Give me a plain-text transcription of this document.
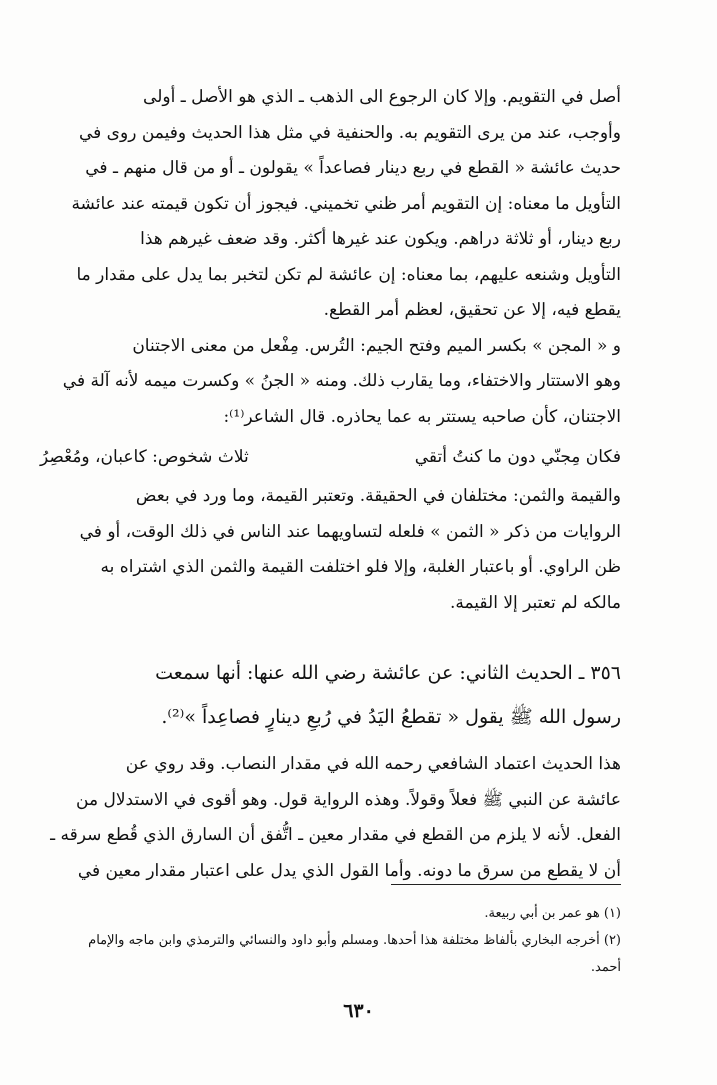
أصل في التقويم. وإلا كان الرجوع الى الذهب ـ الذي هو الأصل ـ أولى
وأوجب، عند من يرى التقويم به. والحنفية في مثل هذا الحديث وفيمن روى في
حديث عائشة « القطع في ربع دينار فصاعداً » يقولون ـ أو من قال منهم ـ في
التأويل ما معناه: إن التقويم أمر ظني تخميني. فيجوز أن تكون قيمته عند عائشة
ربع دينار، أو ثلاثة دراهم. ويكون عند غيرها أكثر. وقد ضعف غيرهم هذا
التأويل وشنعه عليهم، بما معناه: إن عائشة لم تكن لتخبر بما يدل على مقدار ما
يقطع فيه، إلا عن تحقيق، لعظم أمر القطع.
و « المجن » بكسر الميم وفتح الجيم: التُرس. مِفْعل من معنى الاجتنان
وهو الاستتار والاختفاء، وما يقارب ذلك. ومنه « الجنُ » وكسرت ميمه لأنه آلة في
الاجتنان، كأن صاحبه يستتر به عما يحاذره. قال الشاعر⁽¹⁾:
فكان مِجنّي دون ما كنتُ أتقي
ثلاث شخوص: كاعبان، ومُعْصِرُ
والقيمة والثمن: مختلفان في الحقيقة. وتعتبر القيمة، وما ورد في بعض
الروايات من ذكر « الثمن » فلعله لتساويهما عند الناس في ذلك الوقت، أو في
ظن الراوي. أو باعتبار الغلبة، وإلا فلو اختلفت القيمة والثمن الذي اشتراه به
مالكه لم تعتبر إلا القيمة.
٣٥٦ ـ الحديث الثاني: عن عائشة رضي الله عنها: أنها سمعت
رسول الله ﷺ يقول « تقطعُ اليَدُ في رُبعِ دينارٍ فصاعِداً »⁽²⁾.
هذا الحديث اعتماد الشافعي رحمه الله في مقدار النصاب. وقد روي عن
عائشة عن النبي ﷺ فعلاً وقولاً. وهذه الرواية قول. وهو أقوى في الاستدلال من
الفعل. لأنه لا يلزم من القطع في مقدار معين ـ اتُّفق أن السارق الذي قُطع سرقه ـ
أن لا يقطع من سرق ما دونه. وأما القول الذي يدل على اعتبار مقدار معين في
(١) هو عمر بن أبي ربيعة.
(٢) أخرجه البخاري بألفاظ مختلفة هذا أحدها. ومسلم وأبو داود والنسائي والترمذي وابن ماجه والإمام
أحمد.
٦٣٠
